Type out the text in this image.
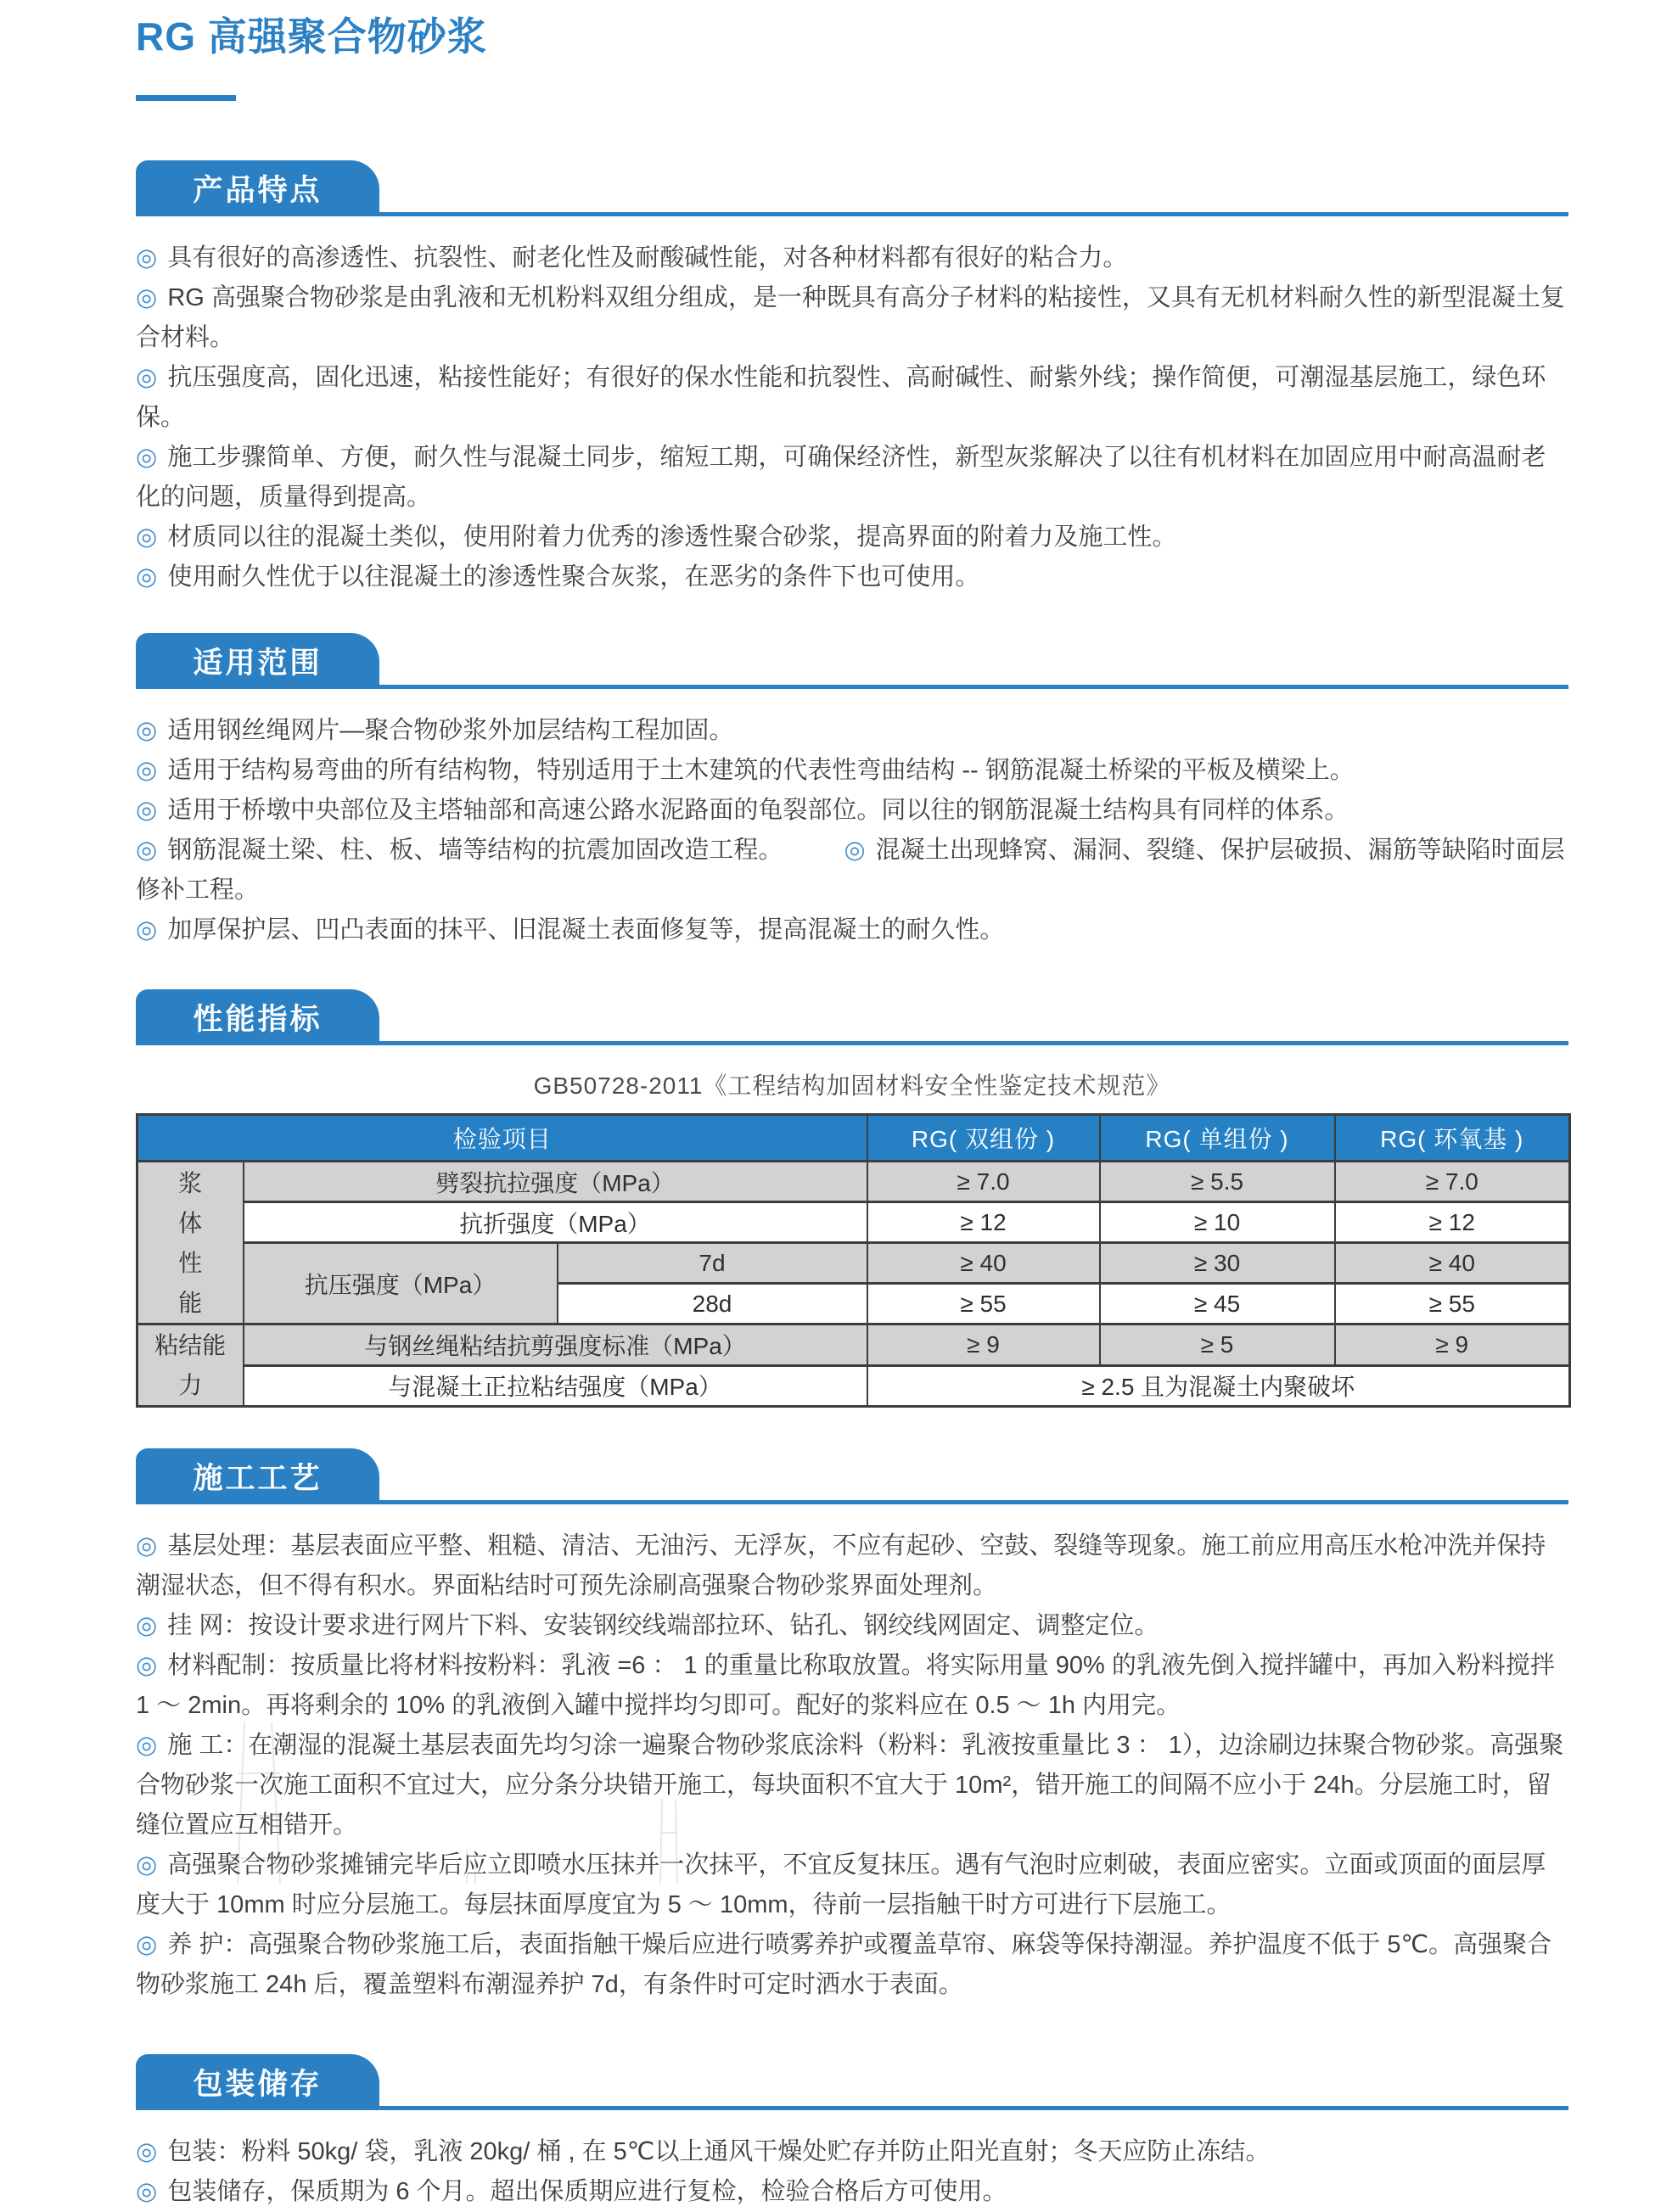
RG 高强聚合物砂浆
产品特点
◎ 具有很好的高渗透性、抗裂性、耐老化性及耐酸碱性能，对各种材料都有很好的粘合力。
◎ RG 高强聚合物砂浆是由乳液和无机粉料双组分组成，是一种既具有高分子材料的粘接性，又具有无机材料耐久性的新型混凝土复合材料。
◎ 抗压强度高，固化迅速，粘接性能好；有很好的保水性能和抗裂性、高耐碱性、耐紫外线；操作简便，可潮湿基层施工，绿色环保。
◎ 施工步骤简单、方便，耐久性与混凝土同步，缩短工期，可确保经济性，新型灰浆解决了以往有机材料在加固应用中耐高温耐老化的问题，质量得到提高。
◎ 材质同以往的混凝土类似，使用附着力优秀的渗透性聚合砂浆，提高界面的附着力及施工性。
◎ 使用耐久性优于以往混凝土的渗透性聚合灰浆，在恶劣的条件下也可使用。
适用范围
◎ 适用钢丝绳网片—聚合物砂浆外加层结构工程加固。
◎ 适用于结构易弯曲的所有结构物，特别适用于土木建筑的代表性弯曲结构 -- 钢筋混凝土桥梁的平板及横梁上。
◎ 适用于桥墩中央部位及主塔轴部和高速公路水泥路面的龟裂部位。同以往的钢筋混凝土结构具有同样的体系。
◎ 钢筋混凝土梁、柱、板、墙等结构的抗震加固改造工程。 ◎ 混凝土出现蜂窝、漏洞、裂缝、保护层破损、漏筋等缺陷时面层修补工程。
◎ 加厚保护层、凹凸表面的抹平、旧混凝土表面修复等，提高混凝土的耐久性。
性能指标
GB50728-2011《工程结构加固材料安全性鉴定技术规范》
检验项目			RG( 双组份 )	RG( 单组份 )	RG( 环氧基 )

浆体性能	劈裂抗拉强度（MPa）		≥ 7.0	≥ 5.5	≥ 7.0
	抗折强度（MPa）		≥ 12	≥ 10	≥ 12
	抗压强度（MPa）	7d	≥ 40	≥ 30	≥ 40
		28d	≥ 55	≥ 45	≥ 55

粘结能力	与钢丝绳粘结抗剪强度标准（MPa）		≥ 9	≥ 5	≥ 9
	与混凝土正拉粘结强度（MPa）		≥ 2.5 且为混凝土内聚破坏		
施工工艺
◎ 基层处理：基层表面应平整、粗糙、清洁、无油污、无浮灰，不应有起砂、空鼓、裂缝等现象。施工前应用高压水枪冲洗并保持潮湿状态，但不得有积水。界面粘结时可预先涂刷高强聚合物砂浆界面处理剂。
◎ 挂 网：按设计要求进行网片下料、安装钢绞线端部拉环、钻孔、钢绞线网固定、调整定位。
◎ 材料配制：按质量比将材料按粉料：乳液 =6 ： 1 的重量比称取放置。将实际用量 90% 的乳液先倒入搅拌罐中，再加入粉料搅拌 1 ～ 2min。再将剩余的 10% 的乳液倒入罐中搅拌均匀即可。配好的浆料应在 0.5 ～ 1h 内用完。
◎ 施 工：在潮湿的混凝土基层表面先均匀涂一遍聚合物砂浆底涂料（粉料：乳液按重量比 3 ： 1），边涂刷边抹聚合物砂浆。高强聚合物砂浆一次施工面积不宜过大，应分条分块错开施工，每块面积不宜大于 10m²，错开施工的间隔不应小于 24h。分层施工时，留缝位置应互相错开。
◎ 高强聚合物砂浆摊铺完毕后应立即喷水压抹并一次抹平，不宜反复抹压。遇有气泡时应刺破，表面应密实。立面或顶面的面层厚度大于 10mm 时应分层施工。每层抹面厚度宜为 5 ～ 10mm，待前一层指触干时方可进行下层施工。
◎ 养 护：高强聚合物砂浆施工后，表面指触干燥后应进行喷雾养护或覆盖草帘、麻袋等保持潮湿。养护温度不低于 5℃。高强聚合物砂浆施工 24h 后，覆盖塑料布潮湿养护 7d，有条件时可定时洒水于表面。
包装储存
◎ 包装：粉料 50kg/ 袋，乳液 20kg/ 桶 , 在 5℃以上通风干燥处贮存并防止阳光直射；冬天应防止冻结。
◎ 包装储存，保质期为 6 个月。超出保质期应进行复检，检验合格后方可使用。
